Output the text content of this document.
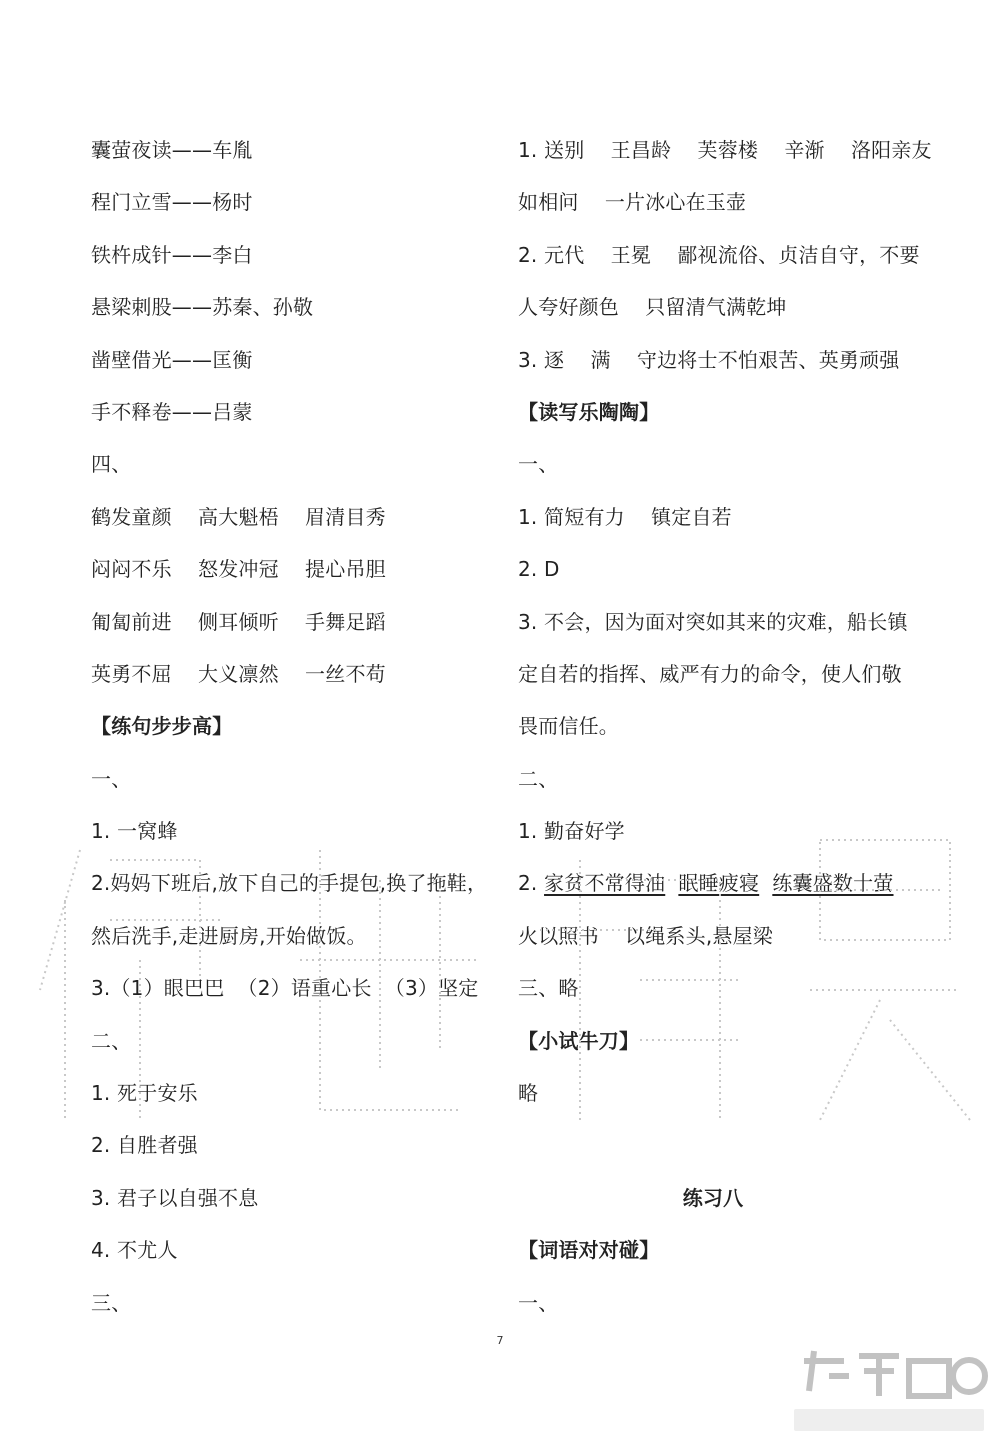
囊萤夜读——车胤
程门立雪——杨时
铁杵成针——李白
悬梁刺股——苏秦、孙敬
凿壁借光——匡衡
手不释卷——吕蒙
四、
鹤发童颜    高大魁梧    眉清目秀
闷闷不乐    怒发冲冠    提心吊胆
匍匐前进    侧耳倾听    手舞足蹈
英勇不屈    大义凛然    一丝不苟
【练句步步高】
一、
1. 一窝蜂
2.妈妈下班后,放下自己的手提包,换了拖鞋，
然后洗手,走进厨房,开始做饭。
3.（1）眼巴巴  （2）语重心长  （3）坚定
二、
1. 死于安乐
2. 自胜者强
3. 君子以自强不息
4. 不尤人
三、
1. 送别    王昌龄    芙蓉楼    辛渐    洛阳亲友
如相问    一片冰心在玉壶
2. 元代    王冕    鄙视流俗、贞洁自守，不要
人夸好颜色    只留清气满乾坤
3. 逐    满    守边将士不怕艰苦、英勇顽强
【读写乐陶陶】
一、
1. 简短有力    镇定自若
2. D
3. 不会，因为面对突如其来的灾难，船长镇
定自若的指挥、威严有力的命令，使人们敬
畏而信任。
二、
1. 勤奋好学
2. 家贫不常得油 眠睡疲寝 练囊盛数十萤
火以照书    以绳系头,悬屋梁
三、略
【小试牛刀】
略
练习八
【词语对对碰】
一、
7
